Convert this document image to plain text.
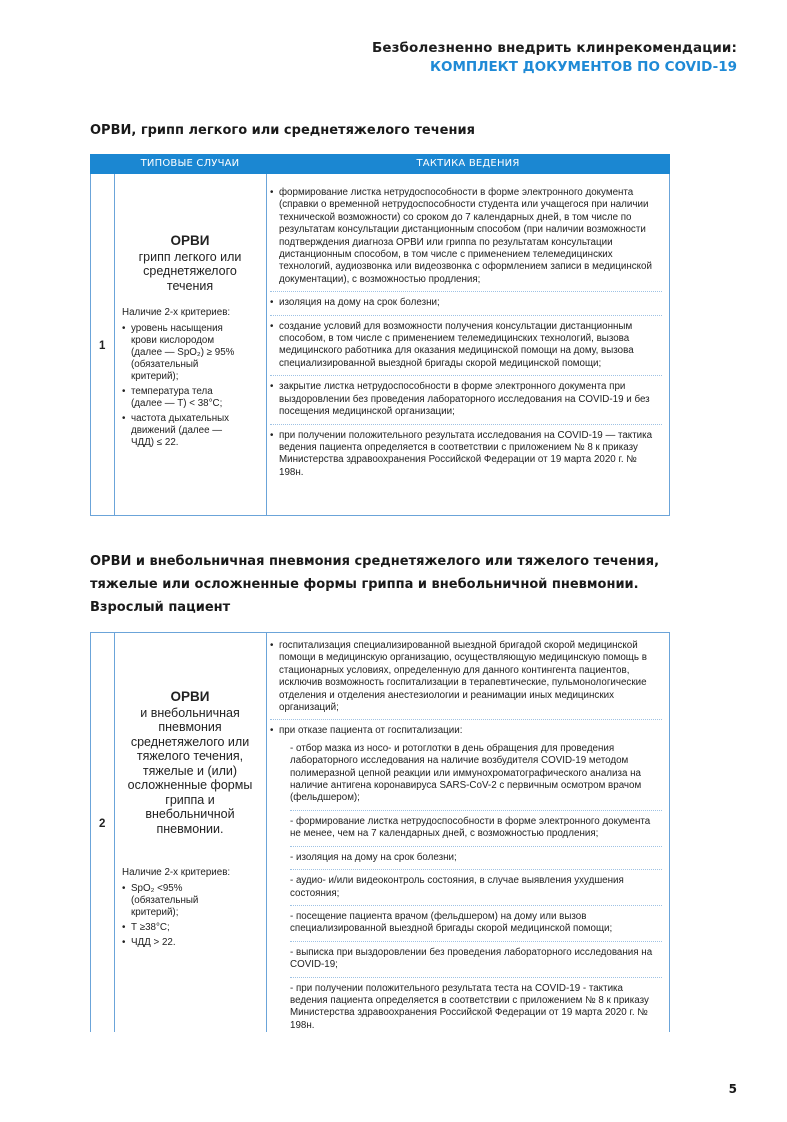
Безболезненно внедрить клинрекомендации:
КОМПЛЕКТ ДОКУМЕНТОВ ПО COVID-19
ОРВИ, грипп легкого или среднетяжелого течения
ТИПОВЫЕ СЛУЧАИ	ТАКТИКА ВЕДЕНИЯ
1
ОРВИ
грипп легкого или среднетяжелого течения
Наличие 2-х критериев:
• уровень насыщения крови кислородом (далее — SpO₂) ≥ 95% (обязательный критерий);
• температура тела (далее — Т) < 38°С;
• частота дыхательных движений (далее — ЧДД) ≤ 22.
• формирование листка нетрудоспособности в форме электронного документа (справки о временной нетрудоспособности студента или учащегося при наличии технической возможности) со сроком до 7 календарных дней, в том числе по результатам консультации дистанционным способом (при наличии возможности подтверждения диагноза ОРВИ или гриппа по результатам консультации дистанционным способом, в том числе с применением телемедицинских технологий, аудиозвонка или видеозвонка с оформлением записи в медицинской документации), с возможностью продления;
• изоляция на дому на срок болезни;
• создание условий для возможности получения консультации дистанционным способом, в том числе с применением телемедицинских технологий, вызова медицинского работника для оказания медицинской помощи на дому, вызова специализированной выездной бригады скорой медицинской помощи;
• закрытие листка нетрудоспособности в форме электронного документа при выздоровлении без проведения лабораторного исследования на COVID-19 и без посещения медицинской организации;
• при получении положительного результата исследования на COVID-19 — тактика ведения пациента определяется в соответствии с приложением № 8 к приказу Министерства здравоохранения Российской Федерации от 19 марта 2020 г. № 198н.
ОРВИ и внебольничная пневмония среднетяжелого или тяжелого течения,
тяжелые или осложненные формы гриппа и внебольничной пневмонии.
Взрослый пациент
2
ОРВИ
и внебольничная пневмония среднетяжелого или тяжелого течения, тяжелые и (или) осложненные формы гриппа и внебольничной пневмонии.
Наличие 2-х критериев:
• SpO₂ <95% (обязательный критерий);
• Т ≥38°С;
• ЧДД > 22.
• госпитализация специализированной выездной бригадой скорой медицинской помощи в медицинскую организацию, осуществляющую медицинскую помощь в стационарных условиях, определенную для данного контингента пациентов, исключив возможность госпитализации в терапевтические, пульмонологические отделения и отделения анестезиологии и реанимации иных медицинских организаций;
• при отказе пациента от госпитализации:
- отбор мазка из носо- и ротоглотки в день обращения для проведения лабораторного исследования на наличие возбудителя COVID-19 методом полимеразной цепной реакции или иммунохроматографического анализа на наличие антигена коронавируса SARS-CoV-2 с первичным осмотром врачом (фельдшером);
- формирование листка нетрудоспособности в форме электронного документа не менее, чем на 7 календарных дней, с возможностью продления;
- изоляция на дому на срок болезни;
- аудио- и/или видеоконтроль состояния, в случае выявления ухудшения состояния;
- посещение пациента врачом (фельдшером) на дому или вызов специализированной выездной бригады скорой медицинской помощи;
- выписка при выздоровлении без проведения лабораторного исследования на COVID-19;
- при получении положительного результата теста на COVID-19 - тактика ведения пациента определяется в соответствии с приложением № 8 к приказу Министерства здравоохранения Российской Федерации от 19 марта 2020 г. № 198н.
5
